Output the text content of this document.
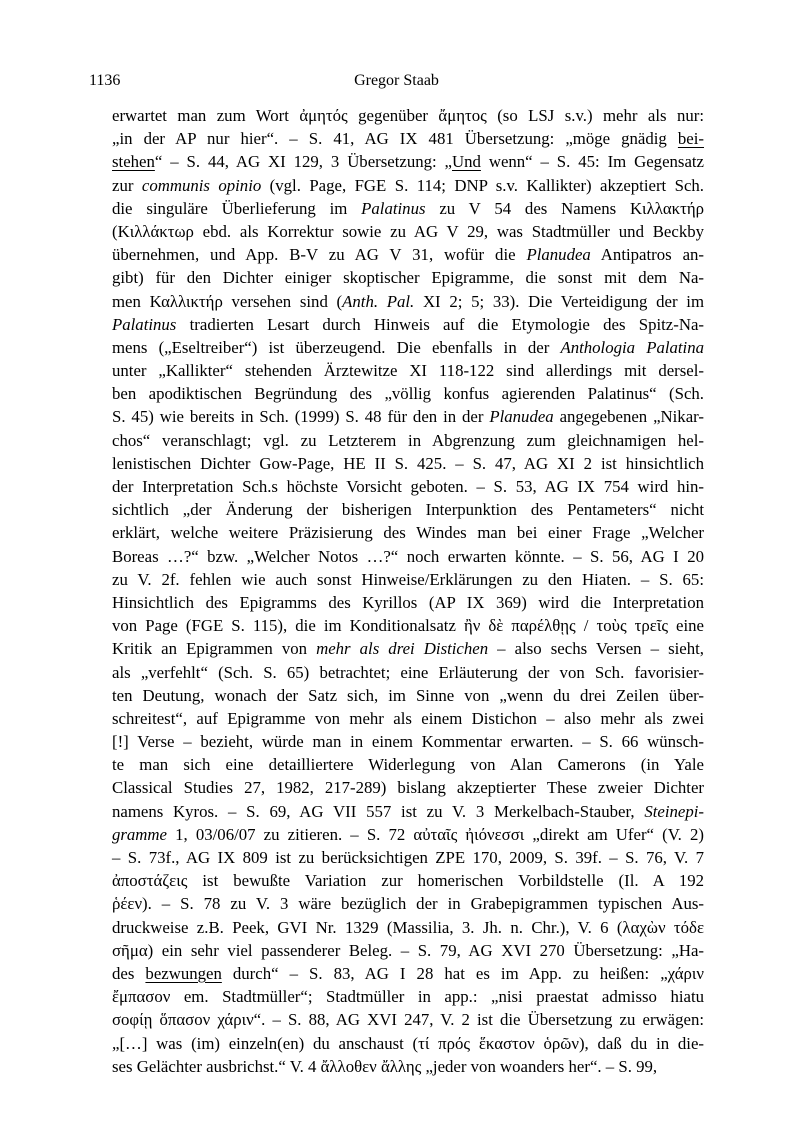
1136	Gregor Staab
erwartet man zum Wort ἀμητός gegenüber ἄμητος (so LSJ s.v.) mehr als nur:
„in der AP nur hier“. – S. 41, AG IX 481 Übersetzung: „möge gnädig bei-
stehen“ – S. 44, AG XI 129, 3 Übersetzung: „Und wenn“ – S. 45: Im Gegensatz
zur communis opinio (vgl. Page, FGE S. 114; DNP s.v. Kallikter) akzeptiert Sch.
die singuläre Überlieferung im Palatinus zu V 54 des Namens Κιλλακτήρ
(Κιλλάκτωρ ebd. als Korrektur sowie zu AG V 29, was Stadtmüller und Beckby
übernehmen, und App. B-V zu AG V 31, wofür die Planudea Antipatros an-
gibt) für den Dichter einiger skoptischer Epigramme, die sonst mit dem Na-
men Καλλικτήρ versehen sind (Anth. Pal. XI 2; 5; 33). Die Verteidigung der im
Palatinus tradierten Lesart durch Hinweis auf die Etymologie des Spitz-Na-
mens („Eseltreiber“) ist überzeugend. Die ebenfalls in der Anthologia Palatina
unter „Kallikter“ stehenden Ärztewitze XI 118-122 sind allerdings mit dersel-
ben apodiktischen Begründung des „völlig konfus agierenden Palatinus“ (Sch.
S. 45) wie bereits in Sch. (1999) S. 48 für den in der Planudea angegebenen „Nikar-
chos“ veranschlagt; vgl. zu Letzterem in Abgrenzung zum gleichnamigen hel-
lenistischen Dichter Gow-Page, HE II S. 425. – S. 47, AG XI 2 ist hinsichtlich
der Interpretation Sch.s höchste Vorsicht geboten. – S. 53, AG IX 754 wird hin-
sichtlich „der Änderung der bisherigen Interpunktion des Pentameters“ nicht
erklärt, welche weitere Präzisierung des Windes man bei einer Frage „Welcher
Boreas …?“ bzw. „Welcher Notos …?“ noch erwarten könnte. – S. 56, AG I 20
zu V. 2f. fehlen wie auch sonst Hinweise/Erklärungen zu den Hiaten. – S. 65:
Hinsichtlich des Epigramms des Kyrillos (AP IX 369) wird die Interpretation
von Page (FGE S. 115), die im Konditionalsatz ἢν δὲ παρέλθῃς / τοὺς τρεῖς eine
Kritik an Epigrammen von mehr als drei Distichen – also sechs Versen – sieht,
als „verfehlt“ (Sch. S. 65) betrachtet; eine Erläuterung der von Sch. favorisier-
ten Deutung, wonach der Satz sich, im Sinne von „wenn du drei Zeilen über-
schreitest“, auf Epigramme von mehr als einem Distichon – also mehr als zwei
[!] Verse – bezieht, würde man in einem Kommentar erwarten. – S. 66 wünsch-
te man sich eine detailliertere Widerlegung von Alan Camerons (in Yale
Classical Studies 27, 1982, 217-289) bislang akzeptierter These zweier Dichter
namens Kyros. – S. 69, AG VII 557 ist zu V. 3 Merkelbach-Stauber, Steinepi-
gramme 1, 03/06/07 zu zitieren. – S. 72 αὐταῖς ἠιόνεσσι „direkt am Ufer“ (V. 2)
– S. 73f., AG IX 809 ist zu berücksichtigen ZPE 170, 2009, S. 39f. – S. 76, V. 7
ἀποστάζεις ist bewußte Variation zur homerischen Vorbildstelle (Il. A 192
ῥέεν). – S. 78 zu V. 3 wäre bezüglich der in Grabepigrammen typischen Aus-
druckweise z.B. Peek, GVI Nr. 1329 (Massilia, 3. Jh. n. Chr.), V. 6 (λαχὼν τόδε
σῆμα) ein sehr viel passenderer Beleg. – S. 79, AG XVI 270 Übersetzung: „Ha-
des bezwungen durch“ – S. 83, AG I 28 hat es im App. zu heißen: „χάριν
ἔμπασον em. Stadtmüller“; Stadtmüller in app.: „nisi praestat admisso hiatu
σοφίῃ ὅπασον χάριν“. – S. 88, AG XVI 247, V. 2 ist die Übersetzung zu erwägen:
„[…] was (im) einzeln(en) du anschaust (τί πρός ἕκαστον ὁρῶν), daß du in die-
ses Gelächter ausbrichst.“ V. 4 ἄλλοθεν ἄλλης „jeder von woanders her“. – S. 99,
